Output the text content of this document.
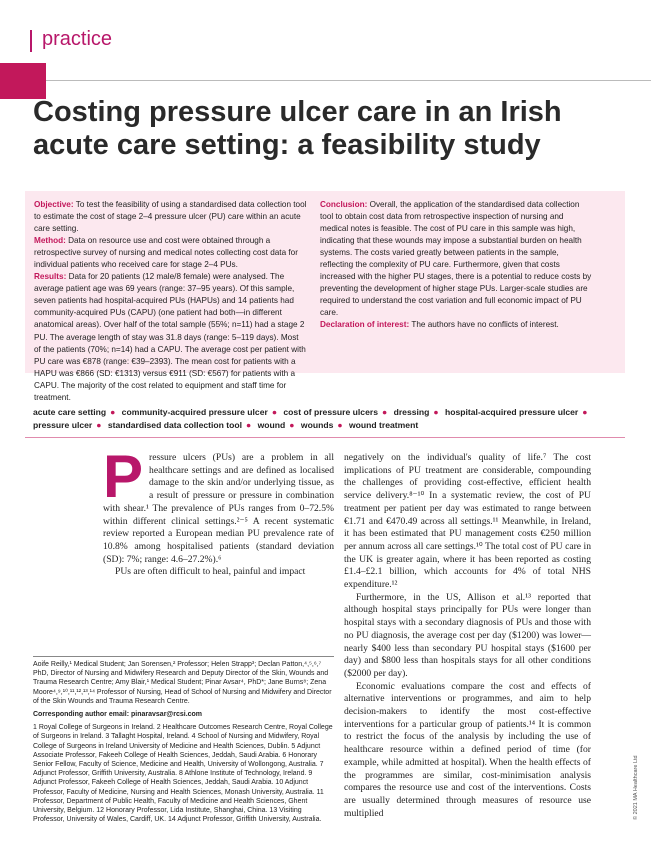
practice
Costing pressure ulcer care in an Irish acute care setting: a feasibility study

Objective: To test the feasibility of using a standardised data collection tool to estimate the cost of stage 2–4 pressure ulcer (PU) care within an acute care setting.

Method: Data on resource use and cost were obtained through a retrospective survey of nursing and medical notes collecting cost data for individual patients who received care for stage 2–4 PUs.

Results: Data for 20 patients (12 male/8 female) were analysed. The average patient age was 69 years (range: 37–95 years). Of this sample, seven patients had hospital-acquired PUs (HAPUs) and 14 patients had community-acquired PUs (CAPU) (one patient had both—in different anatomical areas). Over half of the total sample (55%; n=11) had a stage 2 PU. The average length of stay was 31.8 days (range: 5–119 days). Most of the patients (70%; n=14) had a CAPU. The average cost per patient with PU care was €878 (range: €39–2393). The mean cost for patients with a HAPU was €866 (SD: €1313) versus €911 (SD: €567) for patients with a CAPU. The majority of the cost related to equipment and staff time for treatment.

Conclusion: Overall, the application of the standardised data collection tool to obtain cost data from retrospective inspection of nursing and medical notes is feasible. The cost of PU care in this sample was high, indicating that these wounds may impose a substantial burden on health systems. The costs varied greatly between patients in the sample, reflecting the complexity of PU care. Furthermore, given that costs increased with the higher PU stages, there is a potential to reduce costs by preventing the development of higher stage PUs. Larger-scale studies are required to understand the cost variation and full economic impact of PU care.

Declaration of interest: The authors have no conflicts of interest.

acute care setting ● community-acquired pressure ulcer ● cost of pressure ulcers ● dressing ● hospital-acquired pressure ulcer ● pressure ulcer ● standardised data collection tool ● wound ● wounds ● wound treatment

Pressure ulcers (PUs) are a problem in all healthcare settings and are defined as localised damage to the skin and/or underlying tissue, as a result of pressure or pressure in combination with shear.¹ The prevalence of PUs ranges from 0–72.5% within different clinical settings.²⁻⁵ A recent systematic review reported a European median PU prevalence rate of 10.8% among hospitalised patients (standard deviation (SD): 7%; range: 4.6–27.2%).⁶

PUs are often difficult to heal, painful and impact

negatively on the individual's quality of life.⁷ The cost implications of PU treatment are considerable, compounding the challenges of providing cost-effective, efficient health service delivery.⁸⁻¹⁰ In a systematic review, the cost of PU treatment per patient per day was estimated to range between €1.71 and €470.49 across all settings.¹¹ Meanwhile, in Ireland, it has been estimated that PU management costs €250 million per annum across all care settings.¹⁰ The total cost of PU care in the UK is greater again, where it has been reported as costing £1.4–£2.1 billion, which accounts for 4% of total NHS expenditure.¹²

Furthermore, in the US, Allison et al.¹³ reported that although hospital stays principally for PUs were longer than hospital stays with a secondary diagnosis of PUs and those with no PU diagnosis, the average cost per day ($1200) was lower—nearly $400 less than secondary PU hospital stays ($1600 per day) and $800 less than hospitals stays for all other conditions ($2000 per day).

Economic evaluations compare the cost and effects of alternative interventions or programmes, and aim to help decision-makers to identify the most cost-effective interventions for a particular group of patients.¹⁴ It is common to restrict the focus of the analysis by including the use of healthcare resource within a defined period of time (for example, while admitted at hospital). When the health effects of the programmes are similar, cost-minimisation analysis compares the resource use and cost of the interventions. Costs are usually determined through measures of resource use multiplied

Aoife Reilly,¹ Medical Student; Jan Sorensen,² Professor; Helen Strapp³; Declan Patton,⁴,⁵,⁶,⁷ PhD, Director of Nursing and Midwifery Research and Deputy Director of the Skin, Wounds and Trauma Research Centre; Amy Blair,¹ Medical Student; Pinar Avsar⁴, PhD*; Jane Burns⁸; Zena Moore⁴,⁹,¹⁰,¹¹,¹²,¹³,¹⁴ Professor of Nursing, Head of School of Nursing and Midwifery and Director of the Skin Wounds and Trauma Research Centre.

Corresponding author email: pinaravsar@rcsi.com

1 Royal College of Surgeons in Ireland. 2 Healthcare Outcomes Research Centre, Royal College of Surgeons in Ireland. 3 Tallaght Hospital, Ireland. 4 School of Nursing and Midwifery, Royal College of Surgeons in Ireland University of Medicine and Health Sciences, Dublin. 5 Adjunct Associate Professor, Fakeeh College of Health Sciences, Jeddah, Saudi Arabia. 6 Honorary Senior Fellow, Faculty of Science, Medicine and Health, University of Wollongong, Australia. 7 Adjunct Professor, Griffith University, Australia. 8 Athlone Institute of Technology, Ireland. 9 Adjunct Professor, Fakeeh College of Health Sciences, Jeddah, Saudi Arabia. 10 Adjunct Professor, Faculty of Medicine, Nursing and Health Sciences, Monash University, Australia. 11 Professor, Department of Public Health, Faculty of Medicine and Health Sciences, Ghent University, Belgium. 12 Honorary Professor, Lida Institute, Shanghai, China. 13 Visiting Professor, University of Wales, Cardiff, UK. 14 Adjunct Professor, Griffith University, Australia.	© 2021 MA Healthcare Ltd
